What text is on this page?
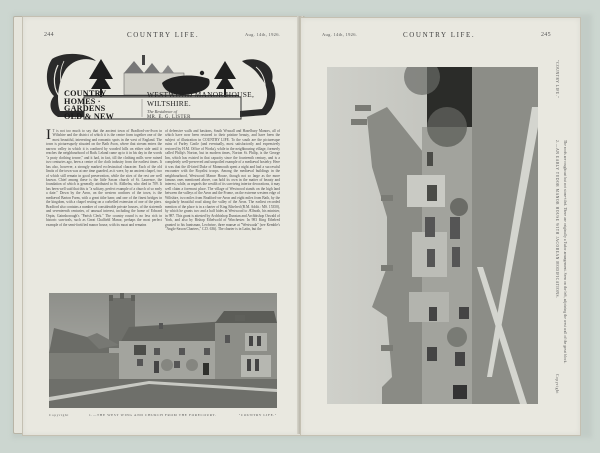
244	COUNTRY LIFE.	Aug. 14th, 1926.
COUNTRY
HOMES ·
GARDENS
OLD & NEW
WESTWOOD MANOR HOUSE,
WILTSHIRE.
The Residence of
MR. E. G. LISTER
I T is not too much to say that the ancient town of Bradford-on-Avon in Wiltshire and the district of which it is the centre form together one of the most beautiful, interesting and romantic spots in the west of England. The town is picturesquely situated on the Bath Avon, where that stream enters the narrow valley in which it is confined by wooded hills on either side until it reaches the neighbourhood of Bath. Leland came up to it in his day in the words "a praty clothing towne," and it had, in fact, till the clothing mills were ruined two centuries ago, been a centre of the cloth industry from the earliest times. It has also, however, a strongly marked ecclesiastical character. Each of the old limits of the town was at one time guarded, as it were, by an ancient chapel, two of which still remain in good preservation, while the sites of the rest are well known. Chief among these is the little Saxon church of St. Laurence, the foundation of which is generally attributed to St. Aldhelm, who died in 709. It has been well said that this is "a solitary, perfect example of a church of so early a date." Down by the Avon, on the western confines of the town, is the mediæval Barton Farm, with a great tithe barn; and one of the finest bridges in the kingdom, with a chapel resting on a corbelled extension of one of the piers. Bradford also contains a number of considerable private houses, of the sixteenth and seventeenth centuries, of unusual interest, including the home of Edward Orpin, Gainsborough's "Parish Clerk." The country round is no less rich in historic survivals, such as Great Chalfield Manor, perhaps the most perfect example of the semi-fortified manor house, with its moat and remains
of defensive walls and bastions, South Wraxall and Hazelbury Manors, all of which have now been restored to their pristine beauty, and have been the subject of illustration in COUNTRY LIFE. To the south are the picturesque ruins of Farley Castle (and eventually, most satisfactorily and expensively restored by H.M. Office of Works), while in the neighbouring village, formerly called Philip's Norton, but in modern times, Norton St. Philip, is the George Inn, which has existed in that capacity since the fourteenth century, and is a completely well-preserved and unspoiled example of a mediæval hostelry. Here it was that the ill-fated Duke of Monmouth spent a night and had a successful encounter with the Royalist troops. Among the mediæval buildings in the neighbourhood, Westwood Manor House, though not so large as the more famous ones mentioned above, can hold its own in the matter of beauty and interest, while, as regards the wealth of its surviving interior decorations, it may well claim a foremost place. The village of Westwood stands on the high land between the valleys of the Avon and the Frome, on the extreme western edge of Wiltshire, two miles from Bradford-on-Avon and eight miles from Bath, by the singularly beautiful road along the valley of the Avon. The earliest recorded mention of the place is in a charter of King Ethelred (B.M. Addit.: MS. 15350), by which he grants two and a half hides at Westwood to Ælfnoth, his minister, in 987. This grant is attested by Archbishop Dunstan and Archbishop Oswald of York, and also by Bishop Ethelwold of Winchester. In 983 King Ethelred granted to his huntsman, Leofwine, three mansæ at "Westwuda" (see Kemble's "Anglo-Saxon Charters," C.D. 636). The charter is in Latin, but the
Copyright	1.—THE WEST WING AND CHURCH FROM THE FORECOURT.	"COUNTRY LIFE."
Aug. 14th, 1926.	COUNTRY LIFE.	245
"COUNTRY LIFE."
2.—AN EARLY TUDOR MANOR HOUSE WITH JACOBEAN MODIFICATIONS. The roofs are roughcast but not stone-tiled. There are originally a Tudor arrangement. Seen on the left, adjoining the west wall of the great block.
Copyright
